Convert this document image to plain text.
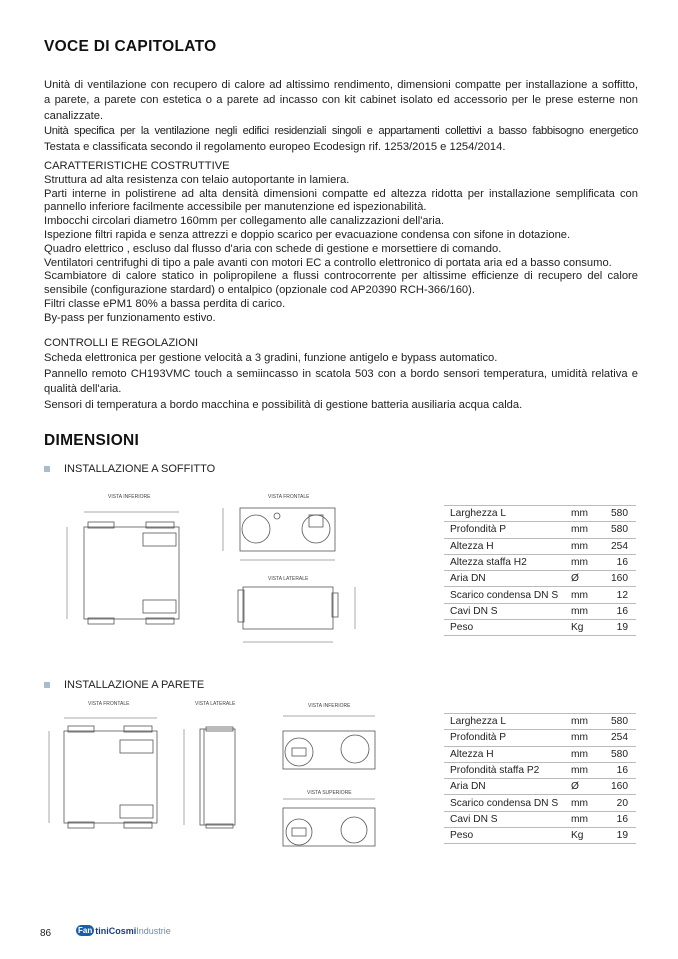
VOCE DI CAPITOLATO
Unità di ventilazione con recupero di calore ad altissimo rendimento, dimensioni compatte per installazione a soffitto,
a parete, a parete con estetica o a parete ad incasso con kit cabinet isolato ed accessorio per le prese esterne non
canalizzate.
Unità specifica per la ventilazione negli edifici residenziali singoli e appartamenti collettivi a basso fabbisogno energetico
Testata e classificata secondo il regolamento europeo Ecodesign rif. 1253/2015 e 1254/2014.
CARATTERISTICHE COSTRUTTIVE
Struttura ad alta resistenza con telaio autoportante in lamiera.
Parti interne in polistirene ad alta densità dimensioni compatte ed altezza ridotta per installazione semplificata con
pannello inferiore facilmente accessibile per manutenzione ed ispezionabilità.
Imbocchi circolari diametro 160mm per collegamento alle canalizzazioni dell'aria.
Ispezione filtri rapida e senza attrezzi e doppio scarico per evacuazione condensa con sifone in dotazione.
Quadro elettrico , escluso dal flusso d'aria con schede di gestione e morsettiere di comando.
Ventilatori centrifughi di tipo a pale avanti con motori EC a controllo elettronico di portata aria ed a basso consumo.
Scambiatore di calore statico in polipropilene a flussi controcorrente per altissime efficienze di recupero del calore
sensibile (configurazione stardard) o entalpico (opzionale cod AP20390 RCH-366/160).
Filtri classe ePM1 80% a bassa perdita di carico.
By-pass per funzionamento estivo.
CONTROLLI E REGOLAZIONI
Scheda elettronica per gestione velocità a 3 gradini, funzione antigelo e bypass automatico.
Pannello remoto CH193VMC touch a semiincasso in scatola 503 con a bordo sensori temperatura, umidità relativa e
qualità dell'aria.
Sensori di temperatura a bordo macchina e possibilità di gestione batteria ausiliaria acqua calda.
DIMENSIONI
INSTALLAZIONE A SOFFITTO
VISTA INFERIORE	VISTA FRONTALE
VISTA LATERALE
Larghezza L	mm	580
Profondità P	mm	580
Altezza H	mm	254
Altezza staffa H2	mm	16
Aria DN	Ø	160
Scarico condensa DN S	mm	12
Cavi DN S	mm	16
Peso	Kg	19
INSTALLAZIONE A PARETE
VISTA FRONTALE	VISTA LATERALE	VISTA INFERIORE
VISTA SUPERIORE
Larghezza L	mm	580
Profondità P	mm	254
Altezza H	mm	580
Profondità staffa P2	mm	16
Aria DN	Ø	160
Scarico condensa DN S	mm	20
Cavi DN S	mm	16
Peso	Kg	19
86	Fan tiniCosmi Industrie
